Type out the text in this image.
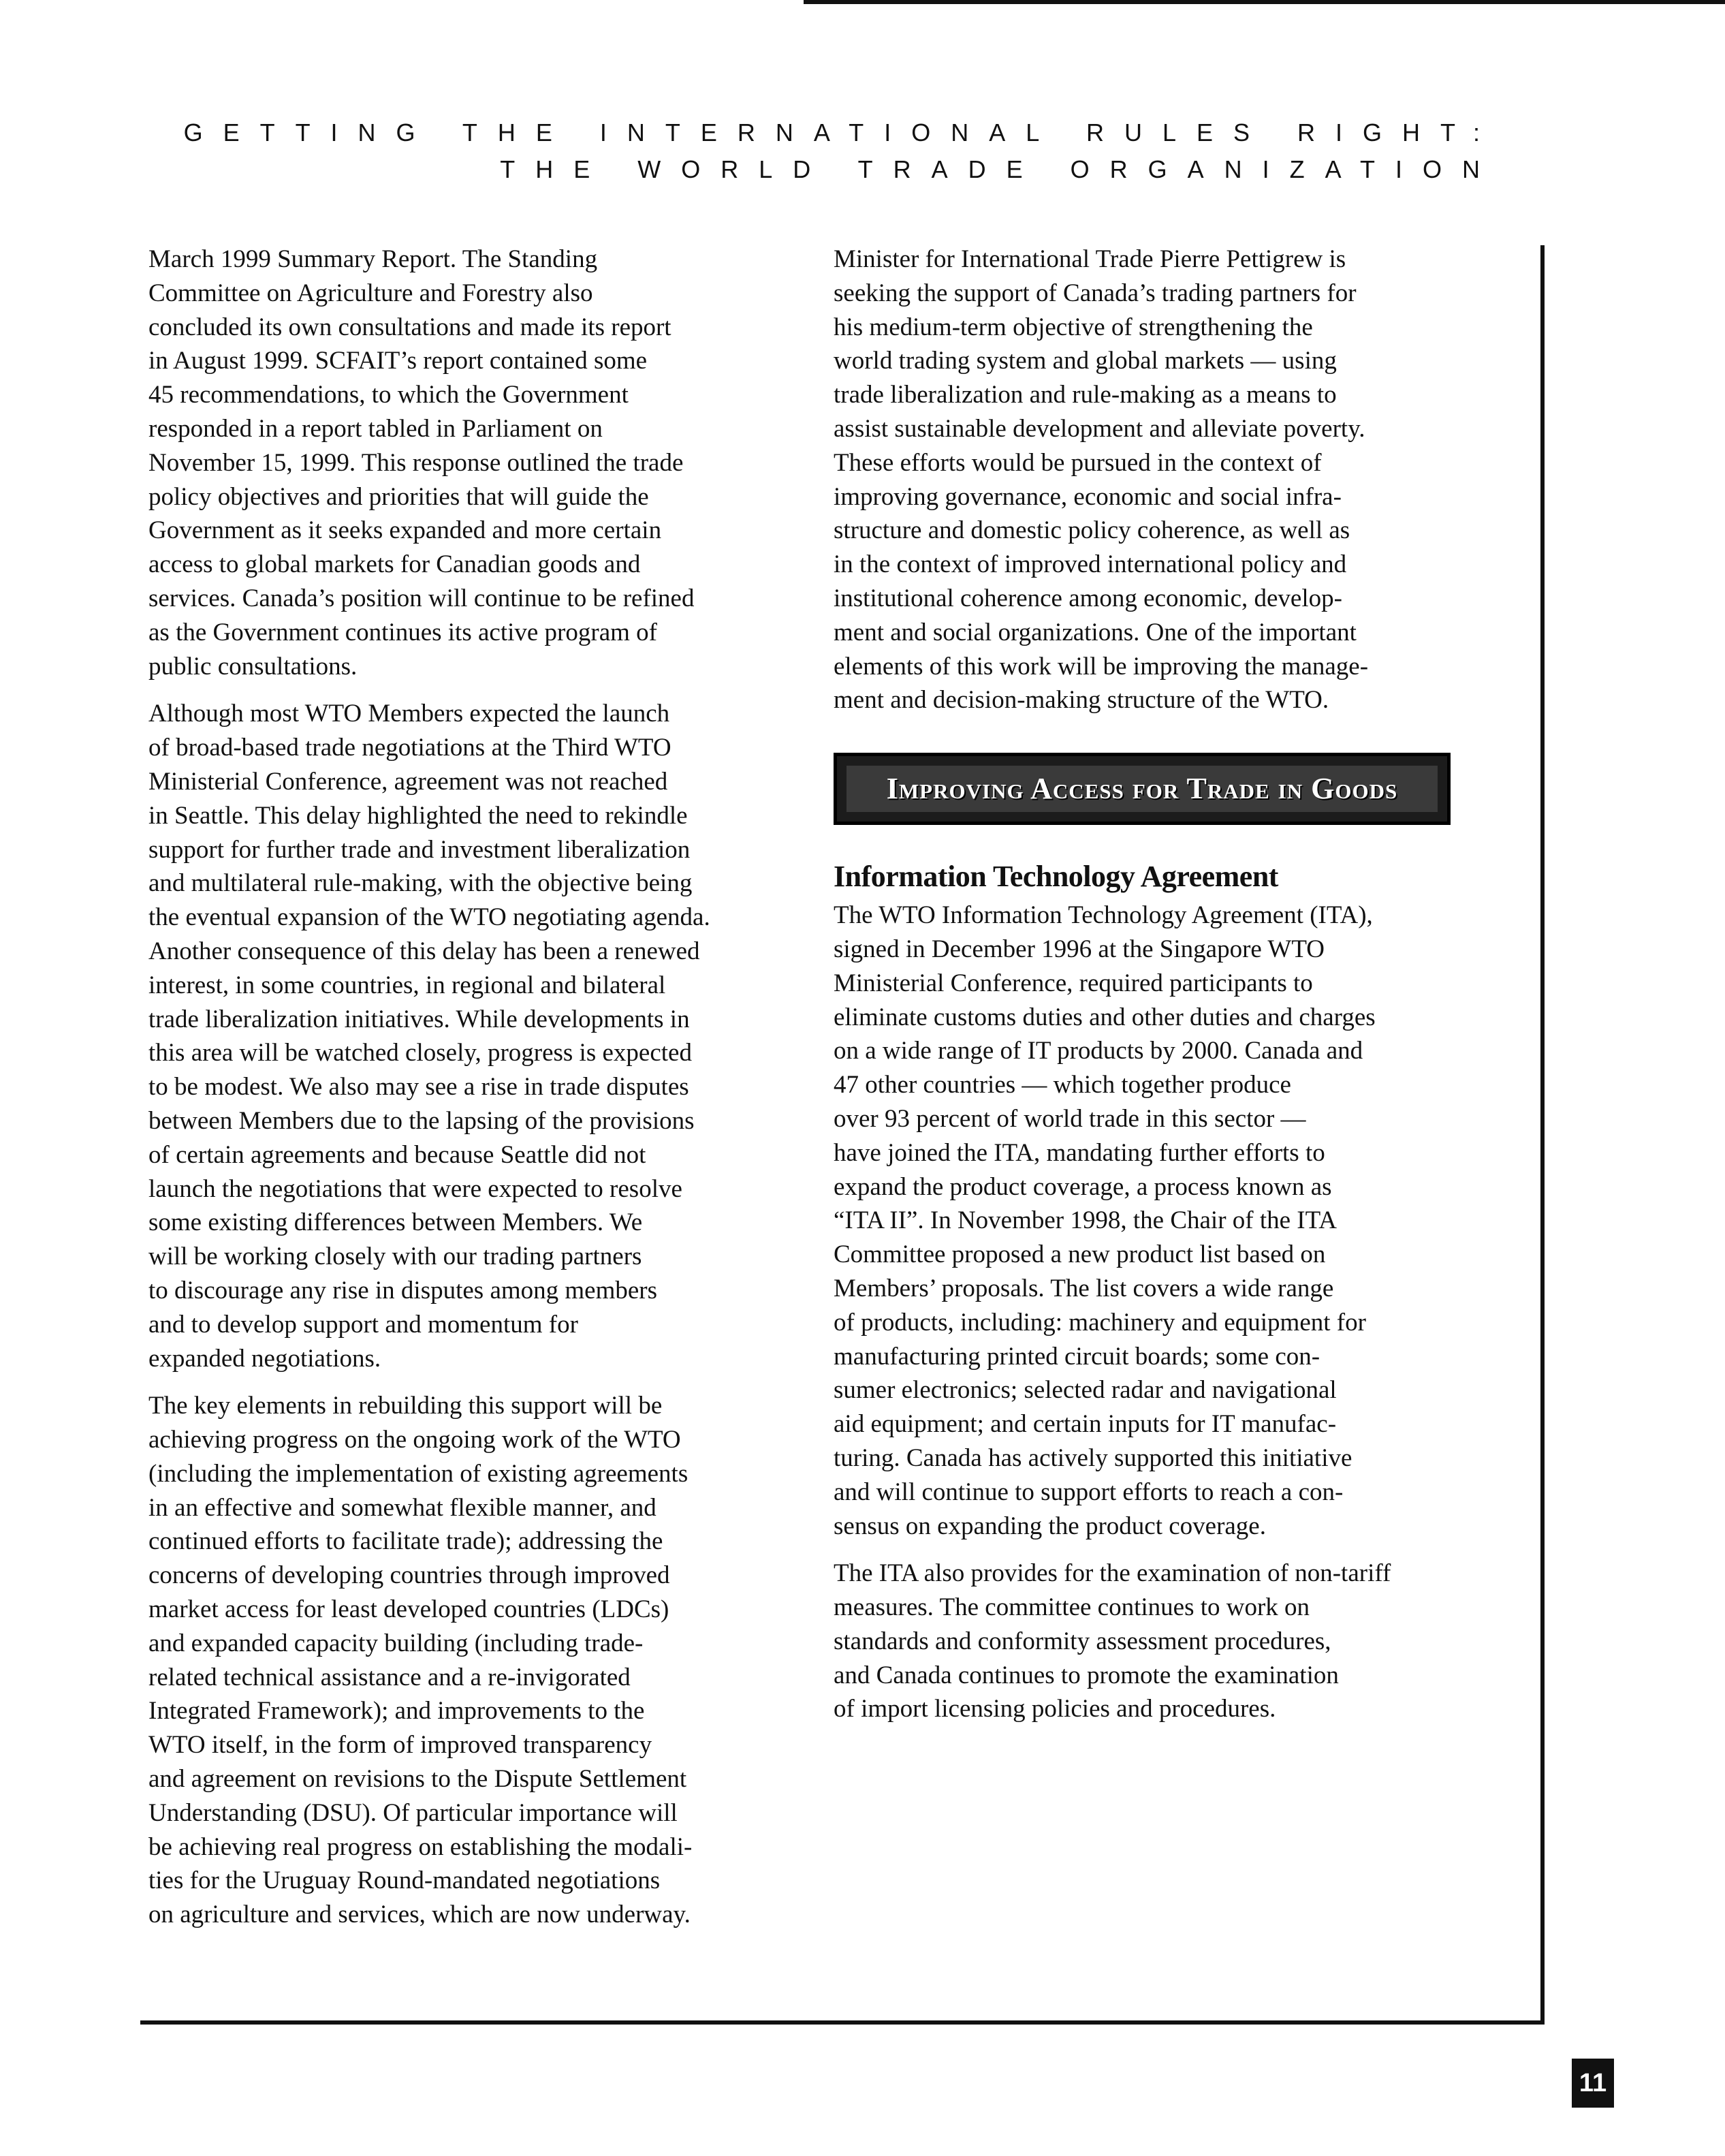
GETTING THE INTERNATIONAL RULES RIGHT:
THE WORLD TRADE ORGANIZATION

March 1999 Summary Report. The Standing
Committee on Agriculture and Forestry also
concluded its own consultations and made its report
in August 1999. SCFAIT’s report contained some
45 recommendations, to which the Government
responded in a report tabled in Parliament on
November 15, 1999. This response outlined the trade
policy objectives and priorities that will guide the
Government as it seeks expanded and more certain
access to global markets for Canadian goods and
services. Canada’s position will continue to be refined
as the Government continues its active program of
public consultations.

Although most WTO Members expected the launch
of broad-based trade negotiations at the Third WTO
Ministerial Conference, agreement was not reached
in Seattle. This delay highlighted the need to rekindle
support for further trade and investment liberalization
and multilateral rule-making, with the objective being
the eventual expansion of the WTO negotiating agenda.
Another consequence of this delay has been a renewed
interest, in some countries, in regional and bilateral
trade liberalization initiatives. While developments in
this area will be watched closely, progress is expected
to be modest. We also may see a rise in trade disputes
between Members due to the lapsing of the provisions
of certain agreements and because Seattle did not
launch the negotiations that were expected to resolve
some existing differences between Members. We
will be working closely with our trading partners
to discourage any rise in disputes among members
and to develop support and momentum for
expanded negotiations.

The key elements in rebuilding this support will be
achieving progress on the ongoing work of the WTO
(including the implementation of existing agreements
in an effective and somewhat flexible manner, and
continued efforts to facilitate trade); addressing the
concerns of developing countries through improved
market access for least developed countries (LDCs)
and expanded capacity building (including trade-
related technical assistance and a re-invigorated
Integrated Framework); and improvements to the
WTO itself, in the form of improved transparency
and agreement on revisions to the Dispute Settlement
Understanding (DSU). Of particular importance will
be achieving real progress on establishing the modali-
ties for the Uruguay Round-mandated negotiations
on agriculture and services, which are now underway.

Minister for International Trade Pierre Pettigrew is
seeking the support of Canada’s trading partners for
his medium-term objective of strengthening the
world trading system and global markets — using
trade liberalization and rule-making as a means to
assist sustainable development and alleviate poverty.
These efforts would be pursued in the context of
improving governance, economic and social infra-
structure and domestic policy coherence, as well as
in the context of improved international policy and
institutional coherence among economic, develop-
ment and social organizations. One of the important
elements of this work will be improving the manage-
ment and decision-making structure of the WTO.

Improving Access for Trade in Goods
Information Technology Agreement

The WTO Information Technology Agreement (ITA),
signed in December 1996 at the Singapore WTO
Ministerial Conference, required participants to
eliminate customs duties and other duties and charges
on a wide range of IT products by 2000. Canada and
47 other countries — which together produce
over 93 percent of world trade in this sector —
have joined the ITA, mandating further efforts to
expand the product coverage, a process known as
“ITA II”. In November 1998, the Chair of the ITA
Committee proposed a new product list based on
Members’ proposals. The list covers a wide range
of products, including: machinery and equipment for
manufacturing printed circuit boards; some con-
sumer electronics; selected radar and navigational
aid equipment; and certain inputs for IT manufac-
turing. Canada has actively supported this initiative
and will continue to support efforts to reach a con-
sensus on expanding the product coverage.

The ITA also provides for the examination of non-tariff
measures. The committee continues to work on
standards and conformity assessment procedures,
and Canada continues to promote the examination
of import licensing policies and procedures.

11
